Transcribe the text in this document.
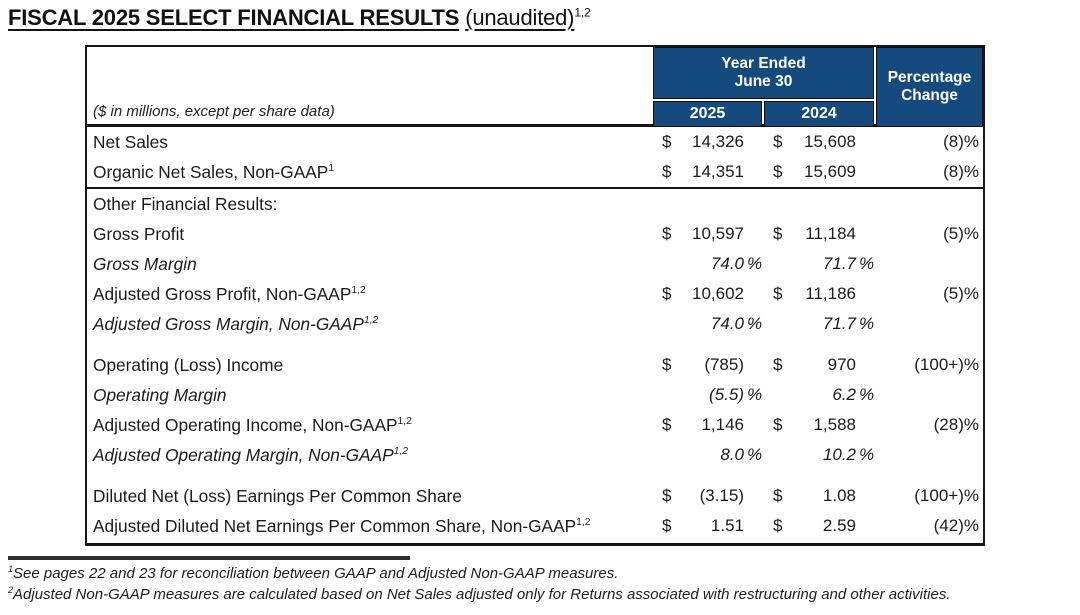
FISCAL 2025 SELECT FINANCIAL RESULTS (unaudited)$^{1,2}$
($ in millions, except per share data)
Year Ended
June 30
2025	2024
Percentage
Change
Net Sales	$	14,326	$	15,608	(8)%
Organic Net Sales, Non-GAAP$^1$	$	14,351	$	15,609	(8)%
Other Financial Results:
Gross Profit	$	10,597	$	11,184	(5)%
Gross Margin	74.0 %	71.7 %
Adjusted Gross Profit, Non-GAAP$^{1,2}$	$	10,602	$	11,186	(5)%
Adjusted Gross Margin, Non-GAAP$^{1,2}$	74.0 %	71.7 %
Operating (Loss) Income	$	(785)	$	970	(100+)%
Operating Margin	(5.5) %	6.2 %
Adjusted Operating Income, Non-GAAP$^{1,2}$	$	1,146	$	1,588	(28)%
Adjusted Operating Margin, Non-GAAP$^{1,2}$	8.0 %	10.2 %
Diluted Net (Loss) Earnings Per Common Share	$	(3.15)	$	1.08	(100+)%
Adjusted Diluted Net Earnings Per Common Share, Non-GAAP$^{1,2}$	$	1.51	$	2.59	(42)%
$^1$See pages 22 and 23 for reconciliation between GAAP and Adjusted Non-GAAP measures.
$^2$Adjusted Non-GAAP measures are calculated based on Net Sales adjusted only for Returns associated with restructuring and other activities.
